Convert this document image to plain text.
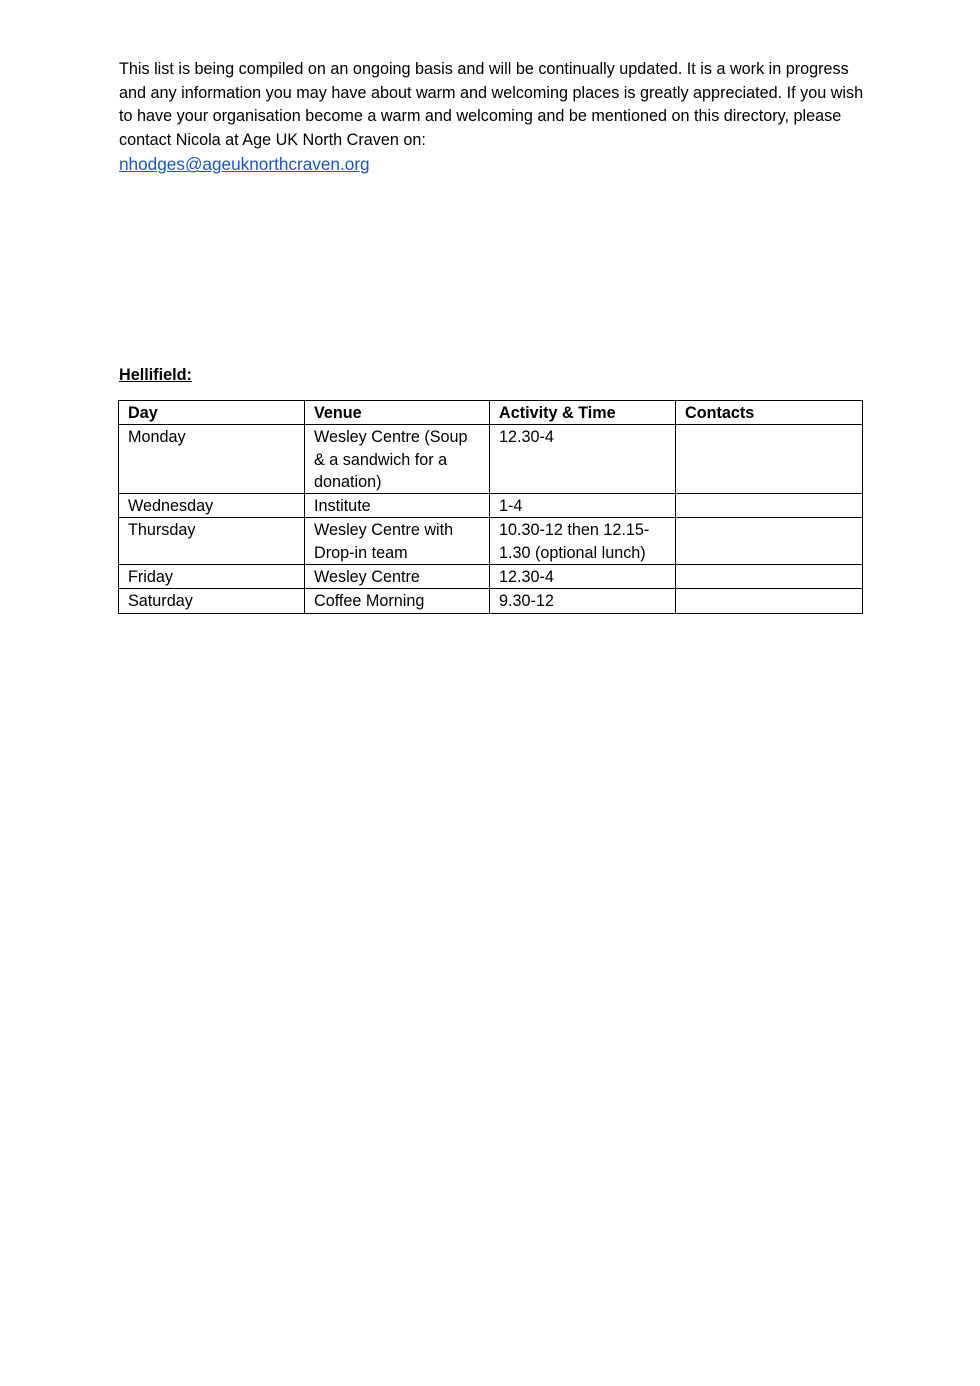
This list is being compiled on an ongoing basis and will be continually updated. It is a work in progress and any information you may have about warm and welcoming places is greatly appreciated. If you wish to have your organisation become a warm and welcoming and be mentioned on this directory, please contact Nicola at Age UK North Craven on:

nhodges@ageuknorthcraven.org
Hellifield:
Day	Venue	Activity & Time	Contacts
Monday	Wesley Centre (Soup & a sandwich for a donation)	12.30-4	
Wednesday	Institute	1-4	
Thursday	Wesley Centre with Drop-in team	10.30-12 then 12.15-1.30 (optional lunch)	
Friday	Wesley Centre	12.30-4	
Saturday	Coffee Morning	9.30-12	
